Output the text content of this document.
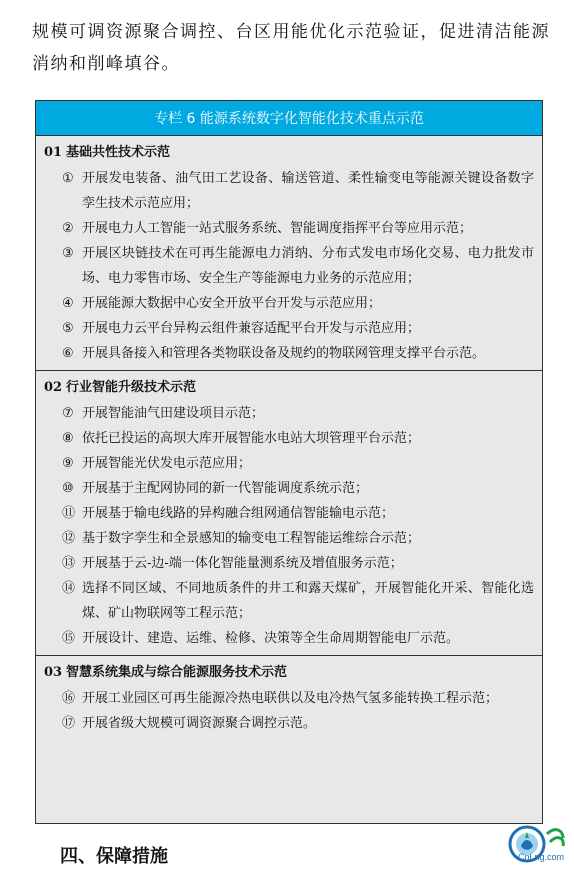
规模可调资源聚合调控、台区用能优化示范验证，促进清洁能源消纳和削峰填谷。

专栏 6 能源系统数字化智能化技术重点示范
01 基础共性技术示范
① 开展发电装备、油气田工艺设备、输送管道、柔性输变电等能源关键设备数字孪生技术示范应用；
② 开展电力人工智能一站式服务系统、智能调度指挥平台等应用示范；
③ 开展区块链技术在可再生能源电力消纳、分布式发电市场化交易、电力批发市场、电力零售市场、安全生产等能源电力业务的示范应用；
④ 开展能源大数据中心安全开放平台开发与示范应用；
⑤ 开展电力云平台异构云组件兼容适配平台开发与示范应用；
⑥ 开展具备接入和管理各类物联设备及规约的物联网管理支撑平台示范。
02 行业智能升级技术示范
⑦ 开展智能油气田建设项目示范；
⑧ 依托已投运的高坝大库开展智能水电站大坝管理平台示范；
⑨ 开展智能光伏发电示范应用；
⑩ 开展基于主配网协同的新一代智能调度系统示范；
⑪ 开展基于输电线路的异构融合组网通信智能输电示范；
⑫ 基于数字孪生和全景感知的输变电工程智能运维综合示范；
⑬ 开展基于云-边-端一体化智能量测系统及增值服务示范；
⑭ 选择不同区域、不同地质条件的井工和露天煤矿，开展智能化开采、智能化选煤、矿山物联网等工程示范；
⑮ 开展设计、建造、运维、检修、决策等全生命周期智能电厂示范。
03 智慧系统集成与综合能源服务技术示范
⑯ 开展工业园区可再生能源冷热电联供以及电冷热气氢多能转换工程示范；
⑰ 开展省级大规模可调资源聚合调控示范。
四、保障措施	CnLng.com
